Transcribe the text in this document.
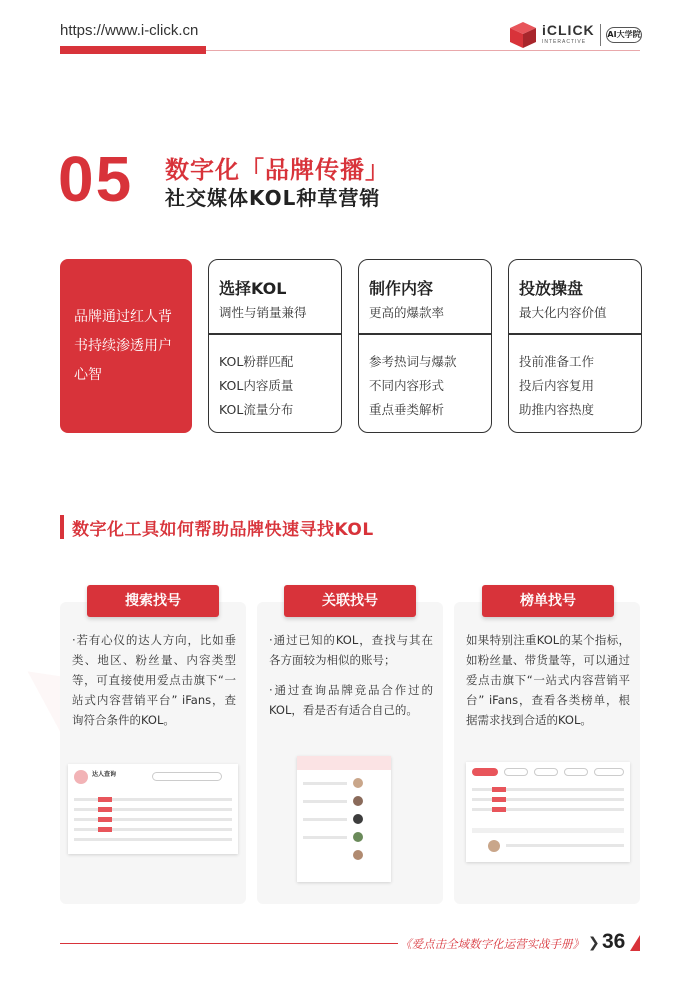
https://www.i-click.cn	iCLICK
INTERACTIVE
AI大学院
05 数字化「品牌传播」
社交媒体KOL种草营销

品牌通过红人背书持续渗透用户心智

选择KOL
调性与销量兼得
KOL粉群匹配
KOL内容质量
KOL流量分布
制作内容
更高的爆款率
参考热词与爆款
不同内容形式
重点垂类解析
投放操盘
最大化内容价值
投前准备工作
投后内容复用
助推内容热度
数字化工具如何帮助品牌快速寻找KOL

·若有心仪的达人方向，比如垂类、地区、粉丝量、内容类型等，可直接使用爱点击旗下“一站式内容营销平台” iFans，查询符合条件的KOL。

达人查询
搜索找号

·通过已知的KOL，查找与其在各方面较为相似的账号；

·通过查询品牌竞品合作过的KOL，看是否有适合自己的。

关联找号

如果特别注重KOL的某个指标，如粉丝量、带货量等，可以通过爱点击旗下“一站式内容营销平台” iFans，查看各类榜单，根据需求找到合适的KOL。

榜单找号
《爱点击全域数字化运营实战手册》 ❯ 36
